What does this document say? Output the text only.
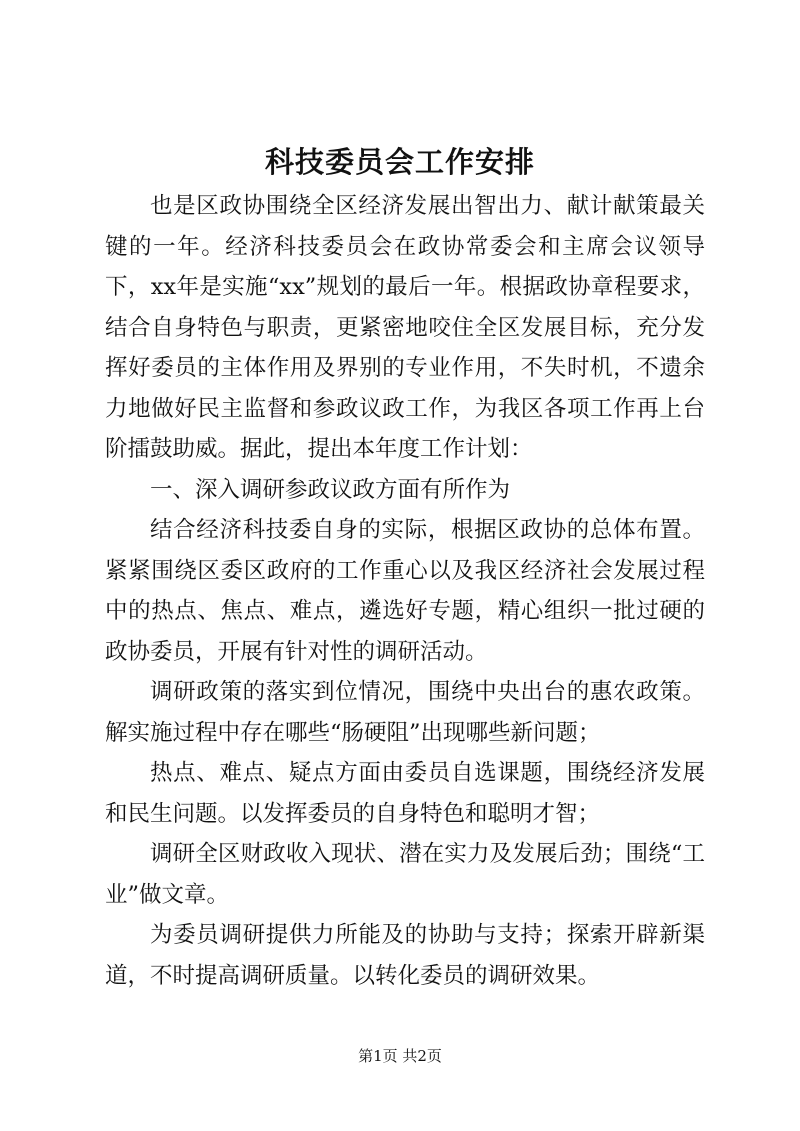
科技委员会工作安排

也是区政协围绕全区经济发展出智出力、献计献策最关键的一年。经济科技委员会在政协常委会和主席会议领导下，xx年是实施“xx”规划的最后一年。根据政协章程要求，结合自身特色与职责，更紧密地咬住全区发展目标，充分发挥好委员的主体作用及界别的专业作用，不失时机，不遗余力地做好民主监督和参政议政工作，为我区各项工作再上台阶擂鼓助威。据此，提出本年度工作计划：

一、深入调研参政议政方面有所作为

结合经济科技委自身的实际，根据区政协的总体布置。紧紧围绕区委区政府的工作重心以及我区经济社会发展过程中的热点、焦点、难点，遴选好专题，精心组织一批过硬的政协委员，开展有针对性的调研活动。

调研政策的落实到位情况，围绕中央出台的惠农政策。解实施过程中存在哪些“肠硬阻”出现哪些新问题；

热点、难点、疑点方面由委员自选课题，围绕经济发展和民生问题。以发挥委员的自身特色和聪明才智；

调研全区财政收入现状、潜在实力及发展后劲；围绕“工业”做文章。

为委员调研提供力所能及的协助与支持；探索开辟新渠道，不时提高调研质量。以转化委员的调研效果。

第1页 共2页
